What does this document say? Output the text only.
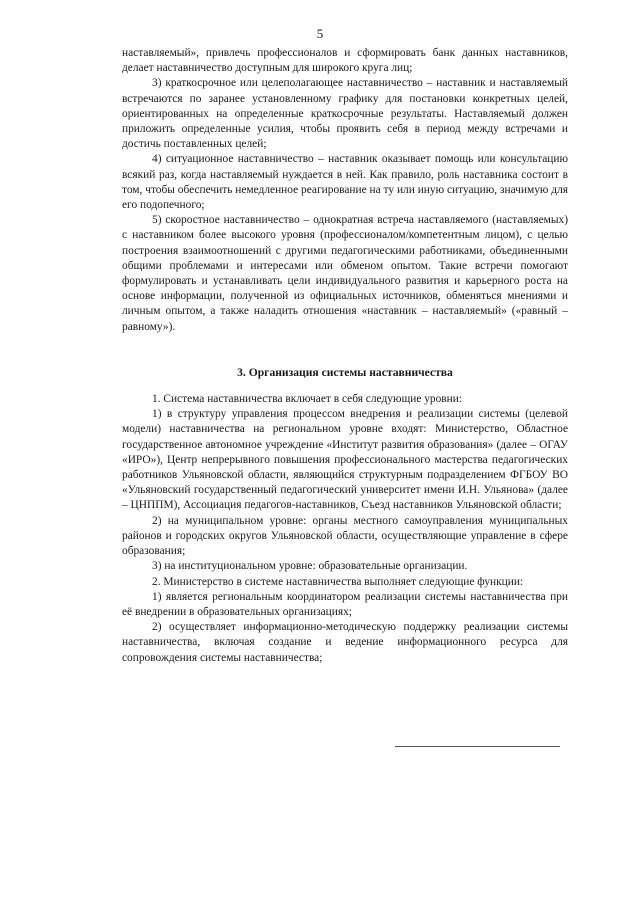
5

наставляемый», привлечь профессионалов и сформировать банк данных наставников, делает наставничество доступным для широкого круга лиц;

3) краткосрочное или целеполагающее наставничество – наставник и наставляемый встречаются по заранее установленному графику для постановки конкретных целей, ориентированных на определенные краткосрочные результаты. Наставляемый должен приложить определенные усилия, чтобы проявить себя в период между встречами и достичь поставленных целей;

4) ситуационное наставничество – наставник оказывает помощь или консультацию всякий раз, когда наставляемый нуждается в ней. Как правило, роль наставника состоит в том, чтобы обеспечить немедленное реагирование на ту или иную ситуацию, значимую для его подопечного;

5) скоростное наставничество – однократная встреча наставляемого (наставляемых) с наставником более высокого уровня (профессионалом/компетентным лицом), с целью построения взаимоотношений с другими педагогическими работниками, объединенными общими проблемами и интересами или обменом опытом. Такие встречи помогают формулировать и устанавливать цели индивидуального развития и карьерного роста на основе информации, полученной из официальных источников, обменяться мнениями и личным опытом, а также наладить отношения «наставник – наставляемый» («равный – равному»).

3. Организация системы наставничества

1. Система наставничества включает в себя следующие уровни:

1) в структуру управления процессом внедрения и реализации системы (целевой модели) наставничества на региональном уровне входят: Министерство, Областное государственное автономное учреждение «Институт развития образования» (далее – ОГАУ «ИРО»), Центр непрерывного повышения профессионального мастерства педагогических работников Ульяновской области, являющийся структурным подразделением ФГБОУ ВО «Ульяновский государственный педагогический университет имени И.Н. Ульянова» (далее – ЦНППМ), Ассоциация педагогов-наставников, Съезд наставников Ульяновской области;

2) на муниципальном уровне: органы местного самоуправления муниципальных районов и городских округов Ульяновской области, осуществляющие управление в сфере образования;

3) на институциональном уровне: образовательные организации.

2. Министерство в системе наставничества выполняет следующие функции:

1) является региональным координатором реализации системы наставничества при её внедрении в образовательных организациях;

2) осуществляет информационно-методическую поддержку реализации системы наставничества, включая создание и ведение информационного ресурса для сопровождения системы наставничества;
